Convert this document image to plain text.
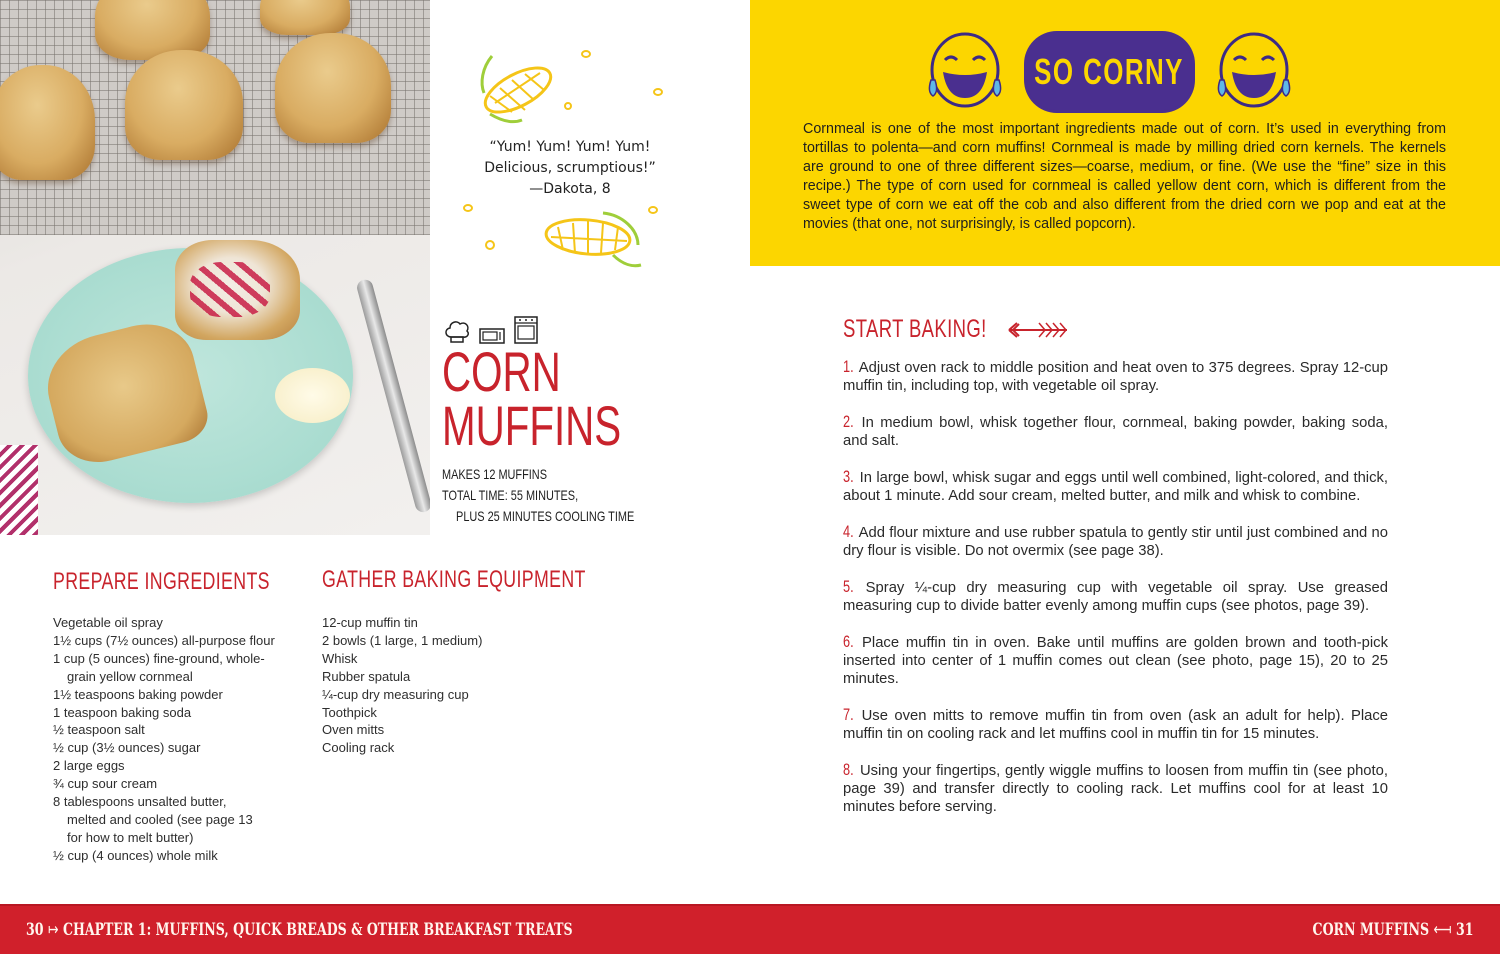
“Yum! Yum! Yum! Yum!
Delicious, scrumptious!”
—Dakota, 8
CORN
MUFFINS
MAKES 12 MUFFINS
TOTAL TIME: 55 MINUTES,
PLUS 25 MINUTES COOLING TIME
PREPARE INGREDIENTS
Vegetable oil spray
1½ cups (7½ ounces) all-purpose flour
1 cup (5 ounces) fine-ground, whole-
grain yellow cornmeal
1½ teaspoons baking powder
1 teaspoon baking soda
½ teaspoon salt
½ cup (3½ ounces) sugar
2 large eggs
¾ cup sour cream
8 tablespoons unsalted butter,
melted and cooled (see page 13
for how to melt butter)
½ cup (4 ounces) whole milk
GATHER BAKING EQUIPMENT
12-cup muffin tin
2 bowls (1 large, 1 medium)
Whisk
Rubber spatula
¼-cup dry measuring cup
Toothpick
Oven mitts
Cooling rack
SO CORNY
Cornmeal is one of the most important ingredients made out of corn. It’s used in everything from tortillas to polenta—and corn muffins! Cornmeal is made by milling dried corn kernels. The kernels are ground to one of three different sizes—coarse, medium, or fine. (We use the “fine” size in this recipe.) The type of corn used for cornmeal is called yellow dent corn, which is different from the sweet type of corn we eat off the cob and also different from the dried corn we pop and eat at the movies (that one, not surprisingly, is called popcorn).
START BAKING!
1. Adjust oven rack to middle position and heat oven to 375 degrees. Spray 12-cup muffin tin, including top, with vegetable oil spray.
2. In medium bowl, whisk together flour, cornmeal, baking powder, baking soda, and salt.
3. In large bowl, whisk sugar and eggs until well combined, light-colored, and thick, about 1 minute. Add sour cream, melted butter, and milk and whisk to combine.
4. Add flour mixture and use rubber spatula to gently stir until just combined and no dry flour is visible. Do not overmix (see page 38).
5. Spray ¼-cup dry measuring cup with vegetable oil spray. Use greased measuring cup to divide batter evenly among muffin cups (see photos, page 39).
6. Place muffin tin in oven. Bake until muffins are golden brown and tooth-pick inserted into center of 1 muffin comes out clean (see photo, page 15), 20 to 25 minutes.
7. Use oven mitts to remove muffin tin from oven (ask an adult for help). Place muffin tin on cooling rack and let muffins cool in muffin tin for 15 minutes.
8. Using your fingertips, gently wiggle muffins to loosen from muffin tin (see photo, page 39) and transfer directly to cooling rack. Let muffins cool for at least 10 minutes before serving.
30 ↦ CHAPTER 1: MUFFINS, QUICK BREADS & OTHER BREAKFAST TREATS	CORN MUFFINS ⟻ 31
